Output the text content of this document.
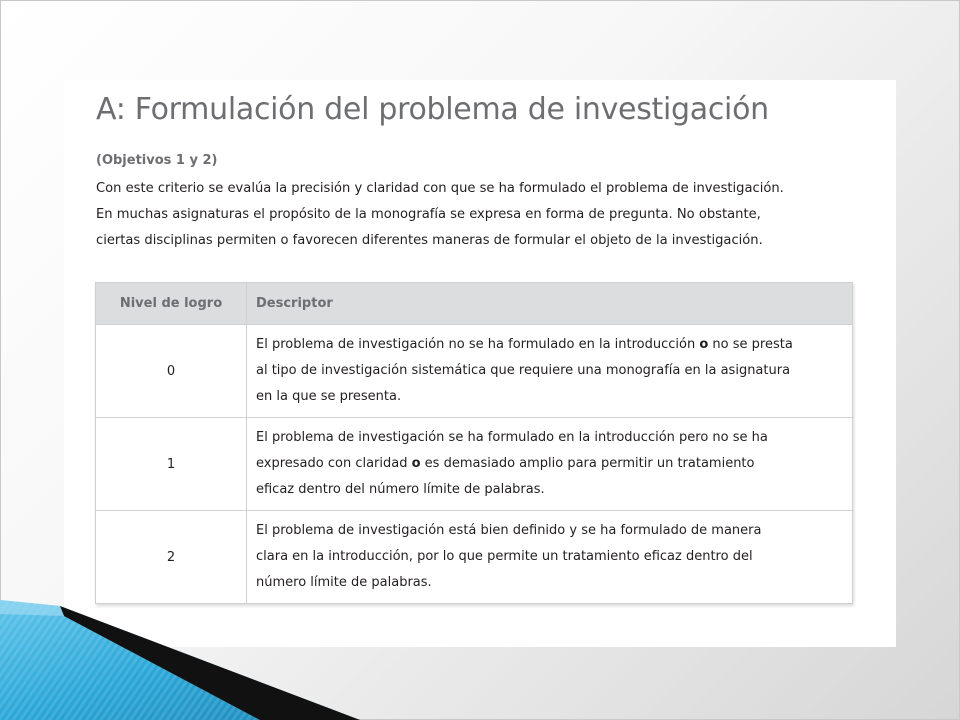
A: Formulación del problema de investigación
(Objetivos 1 y 2)

Con este criterio se evalúa la precisión y claridad con que se ha formulado el problema de investigación.

En muchas asignaturas el propósito de la monografía se expresa en forma de pregunta. No obstante,

ciertas disciplinas permiten o favorecen diferentes maneras de formular el objeto de la investigación.

Nivel de logro	Descriptor
0	El problema de investigación no se ha formulado en la introducción o no se presta

al tipo de investigación sistemática que requiere una monografía en la asignatura

en la que se presenta.

1	El problema de investigación se ha formulado en la introducción pero no se ha

expresado con claridad o es demasiado amplio para permitir un tratamiento

eficaz dentro del número límite de palabras.

2	El problema de investigación está bien definido y se ha formulado de manera

clara en la introducción, por lo que permite un tratamiento eficaz dentro del

número límite de palabras.
